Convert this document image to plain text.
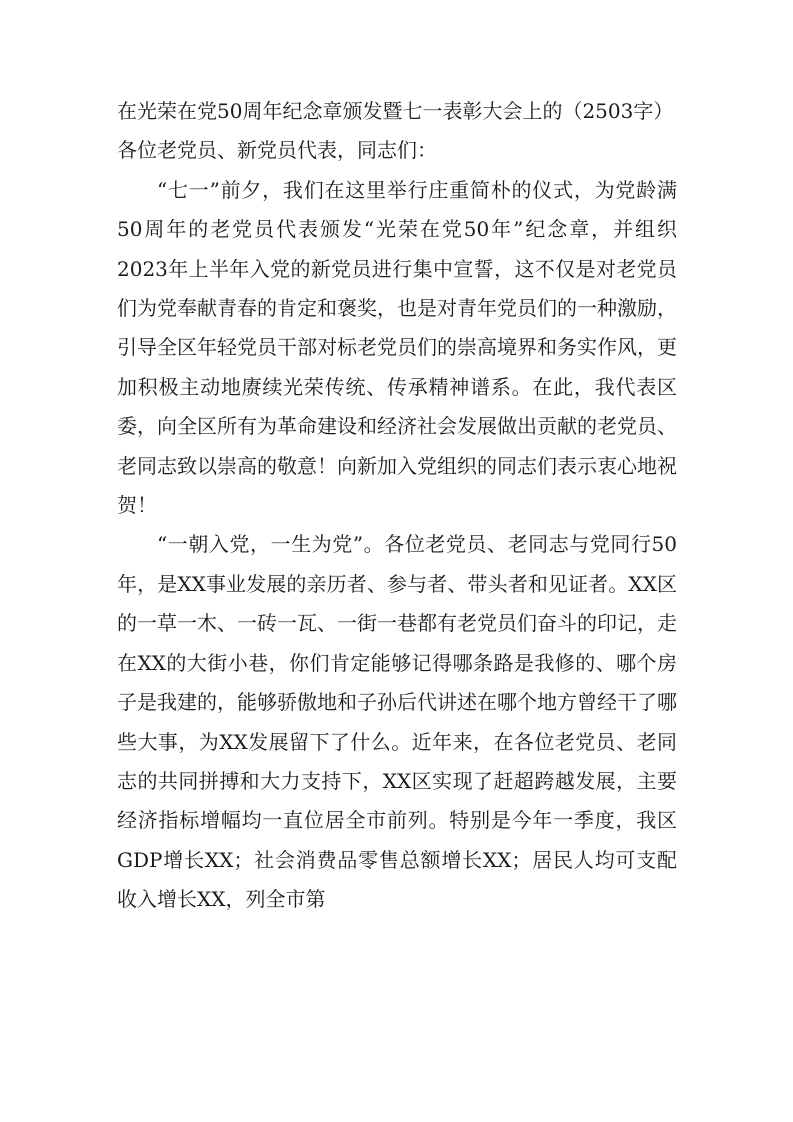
在光荣在党50周年纪念章颁发暨七一表彰大会上的（2503字）

各位老党员、新党员代表，同志们：

“七一”前夕，我们在这里举行庄重简朴的仪式，为党龄满50周年的老党员代表颁发“光荣在党50年”纪念章，并组织2023年上半年入党的新党员进行集中宣誓，这不仅是对老党员们为党奉献青春的肯定和褒奖，也是对青年党员们的一种激励，引导全区年轻党员干部对标老党员们的崇高境界和务实作风，更加积极主动地赓续光荣传统、传承精神谱系。在此，我代表区委，向全区所有为革命建设和经济社会发展做出贡献的老党员、老同志致以崇高的敬意！向新加入党组织的同志们表示衷心地祝贺！

“一朝入党，一生为党”。各位老党员、老同志与党同行50年，是XX事业发展的亲历者、参与者、带头者和见证者。XX区的一草一木、一砖一瓦、一街一巷都有老党员们奋斗的印记，走在XX的大街小巷，你们肯定能够记得哪条路是我修的、哪个房子是我建的，能够骄傲地和子孙后代讲述在哪个地方曾经干了哪些大事，为XX发展留下了什么。近年来，在各位老党员、老同志的共同拼搏和大力支持下，XX区实现了赶超跨越发展，主要经济指标增幅均一直位居全市前列。特别是今年一季度，我区GDP增长XX；社会消费品零售总额增长XX；居民人均可支配收入增长XX，列全市第
